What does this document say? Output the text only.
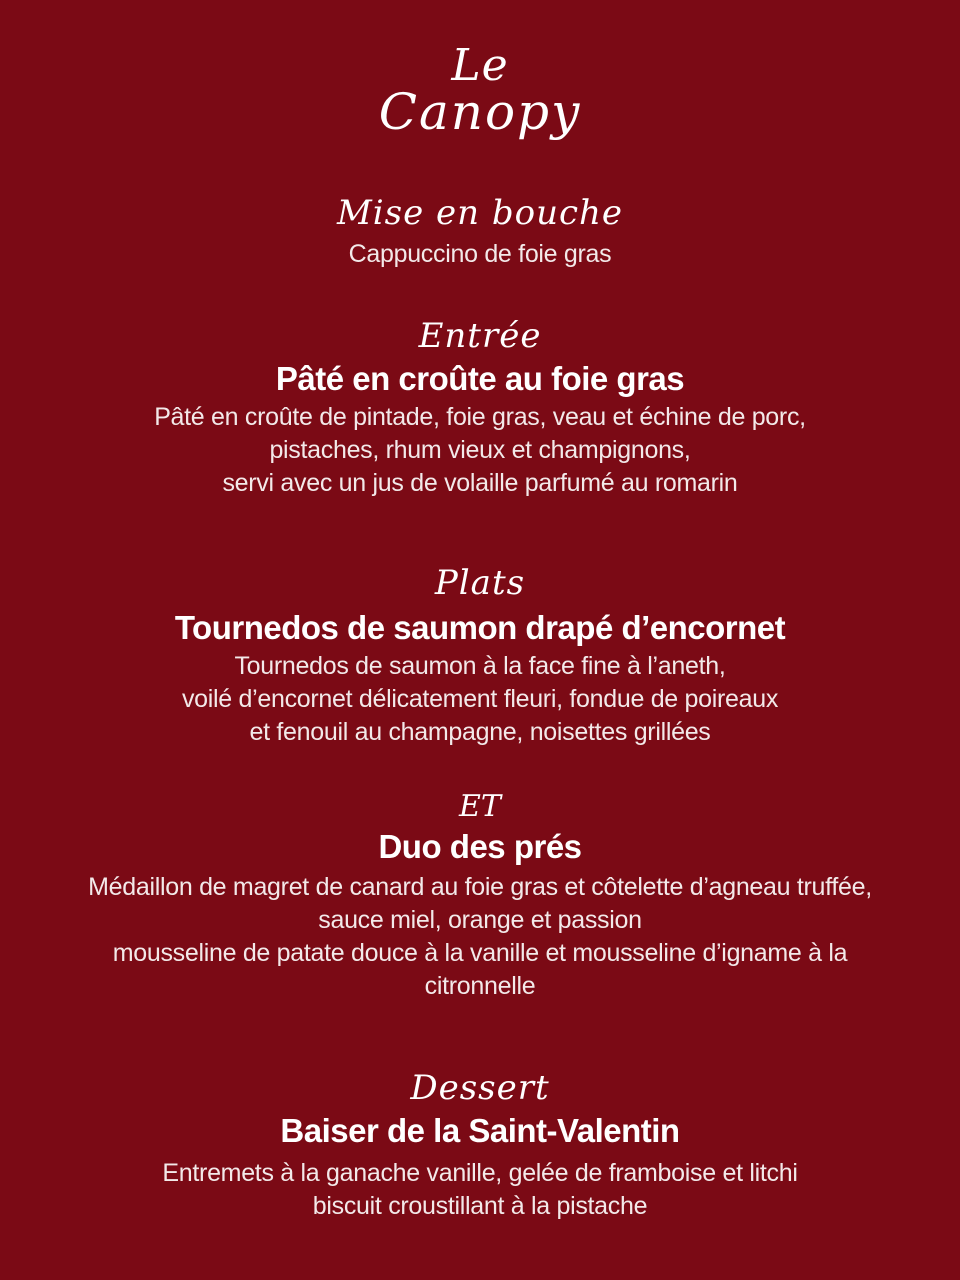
Le
Canopy
Mise en bouche
Cappuccino de foie gras
Entrée
Pâté en croûte au foie gras
Pâté en croûte de pintade, foie gras, veau et échine de porc,
pistaches, rhum vieux et champignons,
servi avec un jus de volaille parfumé au romarin
Plats
Tournedos de saumon drapé d’encornet
Tournedos de saumon à la face fine à l’aneth,
voilé d’encornet délicatement fleuri, fondue de poireaux
et fenouil au champagne, noisettes grillées
ET
Duo des prés
Médaillon de magret de canard au foie gras et côtelette d’agneau truffée,
sauce miel, orange et passion
mousseline de patate douce à la vanille et mousseline d’igname à la
citronnelle
Dessert
Baiser de la Saint-Valentin
Entremets à la ganache vanille, gelée de framboise et litchi
biscuit croustillant à la pistache
